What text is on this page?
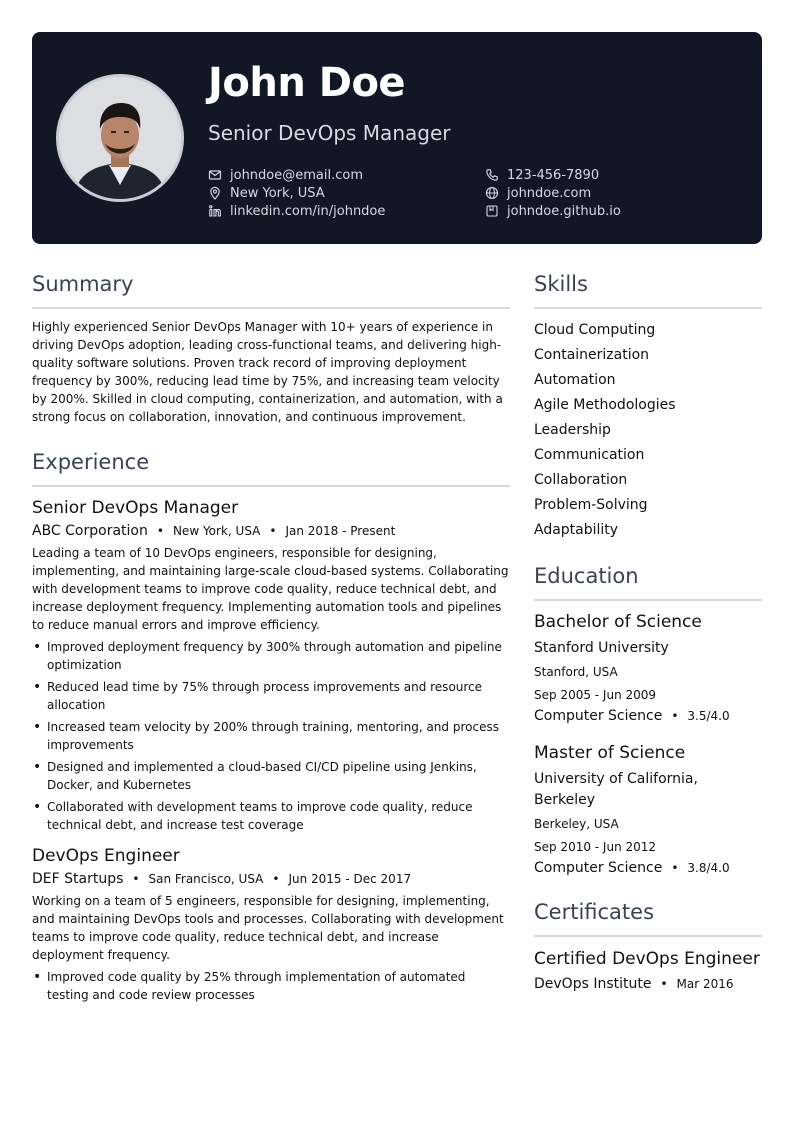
John Doe
Senior DevOps Manager
johndoe@email.com
New York, USA
linkedin.com/in/johndoe
123-456-7890
johndoe.com
johndoe.github.io
Summary
Highly experienced Senior DevOps Manager with 10+ years of experience in driving DevOps adoption, leading cross-functional teams, and delivering high-quality software solutions. Proven track record of improving deployment frequency by 300%, reducing lead time by 75%, and increasing team velocity by 200%. Skilled in cloud computing, containerization, and automation, with a strong focus on collaboration, innovation, and continuous improvement.
Experience
Senior DevOps Manager
ABC Corporation • New York, USA • Jan 2018 - Present
Leading a team of 10 DevOps engineers, responsible for designing, implementing, and maintaining large-scale cloud-based systems. Collaborating with development teams to improve code quality, reduce technical debt, and increase deployment frequency. Implementing automation tools and pipelines to reduce manual errors and improve efficiency.
• Improved deployment frequency by 300% through automation and pipeline optimization
• Reduced lead time by 75% through process improvements and resource allocation
• Increased team velocity by 200% through training, mentoring, and process improvements
• Designed and implemented a cloud-based CI/CD pipeline using Jenkins, Docker, and Kubernetes
• Collaborated with development teams to improve code quality, reduce technical debt, and increase test coverage
DevOps Engineer
DEF Startups • San Francisco, USA • Jun 2015 - Dec 2017
Working on a team of 5 engineers, responsible for designing, implementing, and maintaining DevOps tools and processes. Collaborating with development teams to improve code quality, reduce technical debt, and increase deployment frequency.
• Improved code quality by 25% through implementation of automated testing and code review processes
Skills
Cloud Computing
Containerization
Automation
Agile Methodologies
Leadership
Communication
Collaboration
Problem-Solving
Adaptability
Education
Bachelor of Science
Stanford University
Stanford, USA
Sep 2005 - Jun 2009
Computer Science • 3.5/4.0
Master of Science
University of California, Berkeley
Berkeley, USA
Sep 2010 - Jun 2012
Computer Science • 3.8/4.0
Certificates
Certified DevOps Engineer
DevOps Institute • Mar 2016
